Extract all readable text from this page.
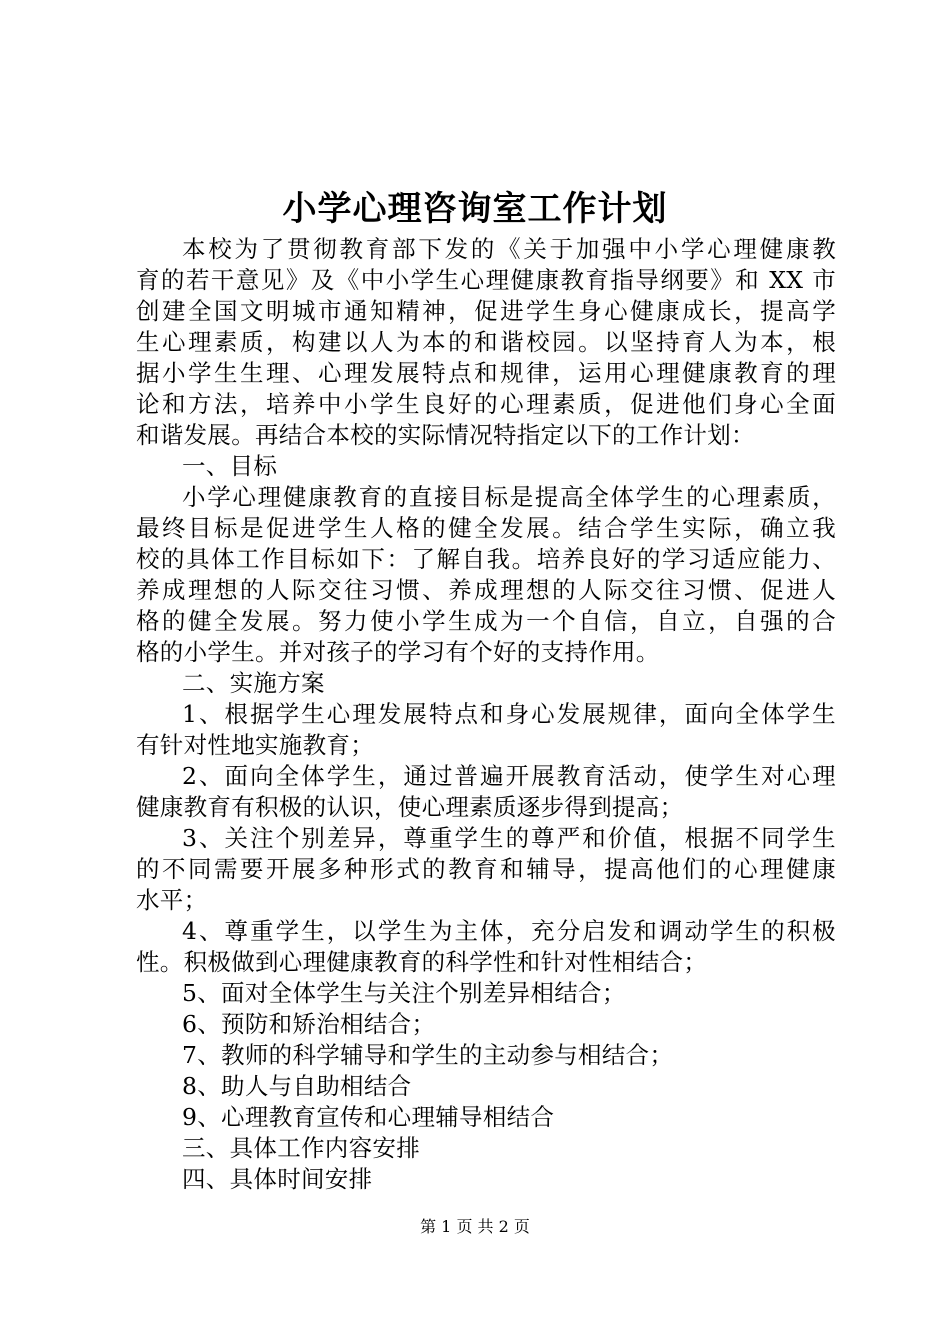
小学心理咨询室工作计划
本校为了贯彻教育部下发的《关于加强中小学心理健康教
育的若干意见》及《中小学生心理健康教育指导纲要》和 XX 市
创建全国文明城市通知精神，促进学生身心健康成长，提高学
生心理素质，构建以人为本的和谐校园。以坚持育人为本，根
据小学生生理、心理发展特点和规律，运用心理健康教育的理
论和方法，培养中小学生良好的心理素质，促进他们身心全面
和谐发展。再结合本校的实际情况特指定以下的工作计划：
一、目标
小学心理健康教育的直接目标是提高全体学生的心理素质，
最终目标是促进学生人格的健全发展。结合学生实际，确立我
校的具体工作目标如下：了解自我。培养良好的学习适应能力、
养成理想的人际交往习惯、养成理想的人际交往习惯、促进人
格的健全发展。努力使小学生成为一个自信，自立，自强的合
格的小学生。并对孩子的学习有个好的支持作用。
二、实施方案
1、根据学生心理发展特点和身心发展规律，面向全体学生
有针对性地实施教育；
2、面向全体学生，通过普遍开展教育活动，使学生对心理
健康教育有积极的认识，使心理素质逐步得到提高；
3、关注个别差异，尊重学生的尊严和价值，根据不同学生
的不同需要开展多种形式的教育和辅导，提高他们的心理健康
水平；
4、尊重学生，以学生为主体，充分启发和调动学生的积极
性。积极做到心理健康教育的科学性和针对性相结合；
5、面对全体学生与关注个别差异相结合；
6、预防和矫治相结合；
7、教师的科学辅导和学生的主动参与相结合；
8、助人与自助相结合
9、心理教育宣传和心理辅导相结合
三、具体工作内容安排
四、具体时间安排
第 1 页 共 2 页
